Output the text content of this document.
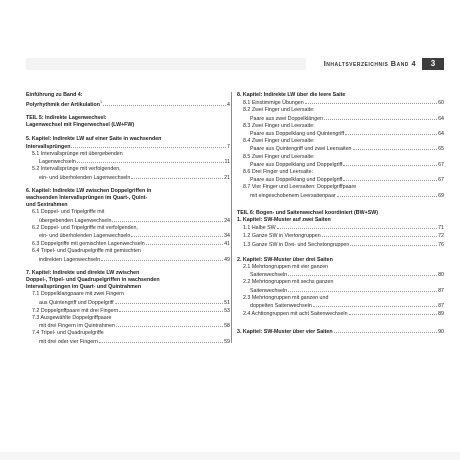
Inhaltsverzeichnis Band 4	3
Einführung zu Band 4:
Polyrhythmik der Artikulation$^1$	4
TEIL 5: Indirekte Lagenwechsel:
Lagenwechsel mit Fingerwechsel (LW+FW)
5. Kapitel: Indirekte LW auf einer Saite in wachsenden
Intervallsprüngen	7
5.1 Intervallsprünge mit übergebenden
Lagenwechseln	11
5.2 Intervallsprünge mit verfolgenden,
ein- und überholenden Lagenwechseln	21
6. Kapitel: Indirekte LW zwischen Doppelgriffen in
wachsenden Intervallsprüngen im Quart-, Quint-
und Sextrahmen
6.1 Doppel- und Tripelgriffe mit
übergebenden Lagenwechseln	24
6.2 Doppel- und Tripelgriffe mit verfolgenden,
ein- und überholenden Lagenwechseln	34
6.3 Doppelgriffe mit gemischten Lagenwechseln	41
6.4 Tripel- und Quadrupelgriffe mit gemischten
indirekten Lagenwechseln	49
7. Kapitel: Indirekte und direkte LW zwischen
Doppel-, Tripel- und Quadrupelgriffen in wachsenden
Intervallsprüngen im Quart- und Quintrahmen
7.1 Doppelklangpaare mit zwei Fingern
aus Quintengriff und Doppelgriff	51
7.2 Doppelgriffpaare mit drei Fingern	53
7.3 Ausgewählte Doppelgriffpaare
mit drei Fingern im Quintrahmen	58
7.4 Tripel- und Quadrupelgriffe
mit drei oder vier Fingern	59
8. Kapitel: Indirekte LW über die leere Saite
8.1 Einstimmige Übungen	60
8.2 Zwei Finger und Leersaite:
Paare aus zwei Doppelklängen	64
8.3 Zwei Finger und Leersaite:
Paare aus Doppelklang und Quintengriff	64
8.4 Zwei Finger und Leersaite:
Paare aus Quintengriff und zwei Leersaiten	65
8.5 Zwei Finger und Leersaite:
Paare aus Doppelklang und Doppelgriff	67
8.6 Drei Finger und Leersaite:
Paare aus Doppelklang und Doppelgriff	67
8.7 Vier Finger und Leersaiten: Doppelgriffpaare
mit eingeschobenem Leersaitenpaar	69
TEIL 6: Bogen- und Saitenwechsel koordiniert (BW+SW)
1. Kapitel: SW-Muster auf zwei Saiten
1.1 Halbe SW	71
1.2 Ganze SW in Viertongruppen	72
1.3 Ganze SW in Drei- und Sechstongruppen	76
2. Kapitel: SW-Muster über drei Saiten
2.1 Mehrtongruppen mit vier ganzen
Saitenwechseln	80
2.2 Mehrtongruppen mit sechs ganzen
Saitenwechseln	87
2.3 Mehrtongruppen mit ganzen und
doppelten Saitenwechseln	87
2.4 Achttongruppen mit acht Saitenwechseln	89
3. Kapitel: SW-Muster über vier Saiten	90
